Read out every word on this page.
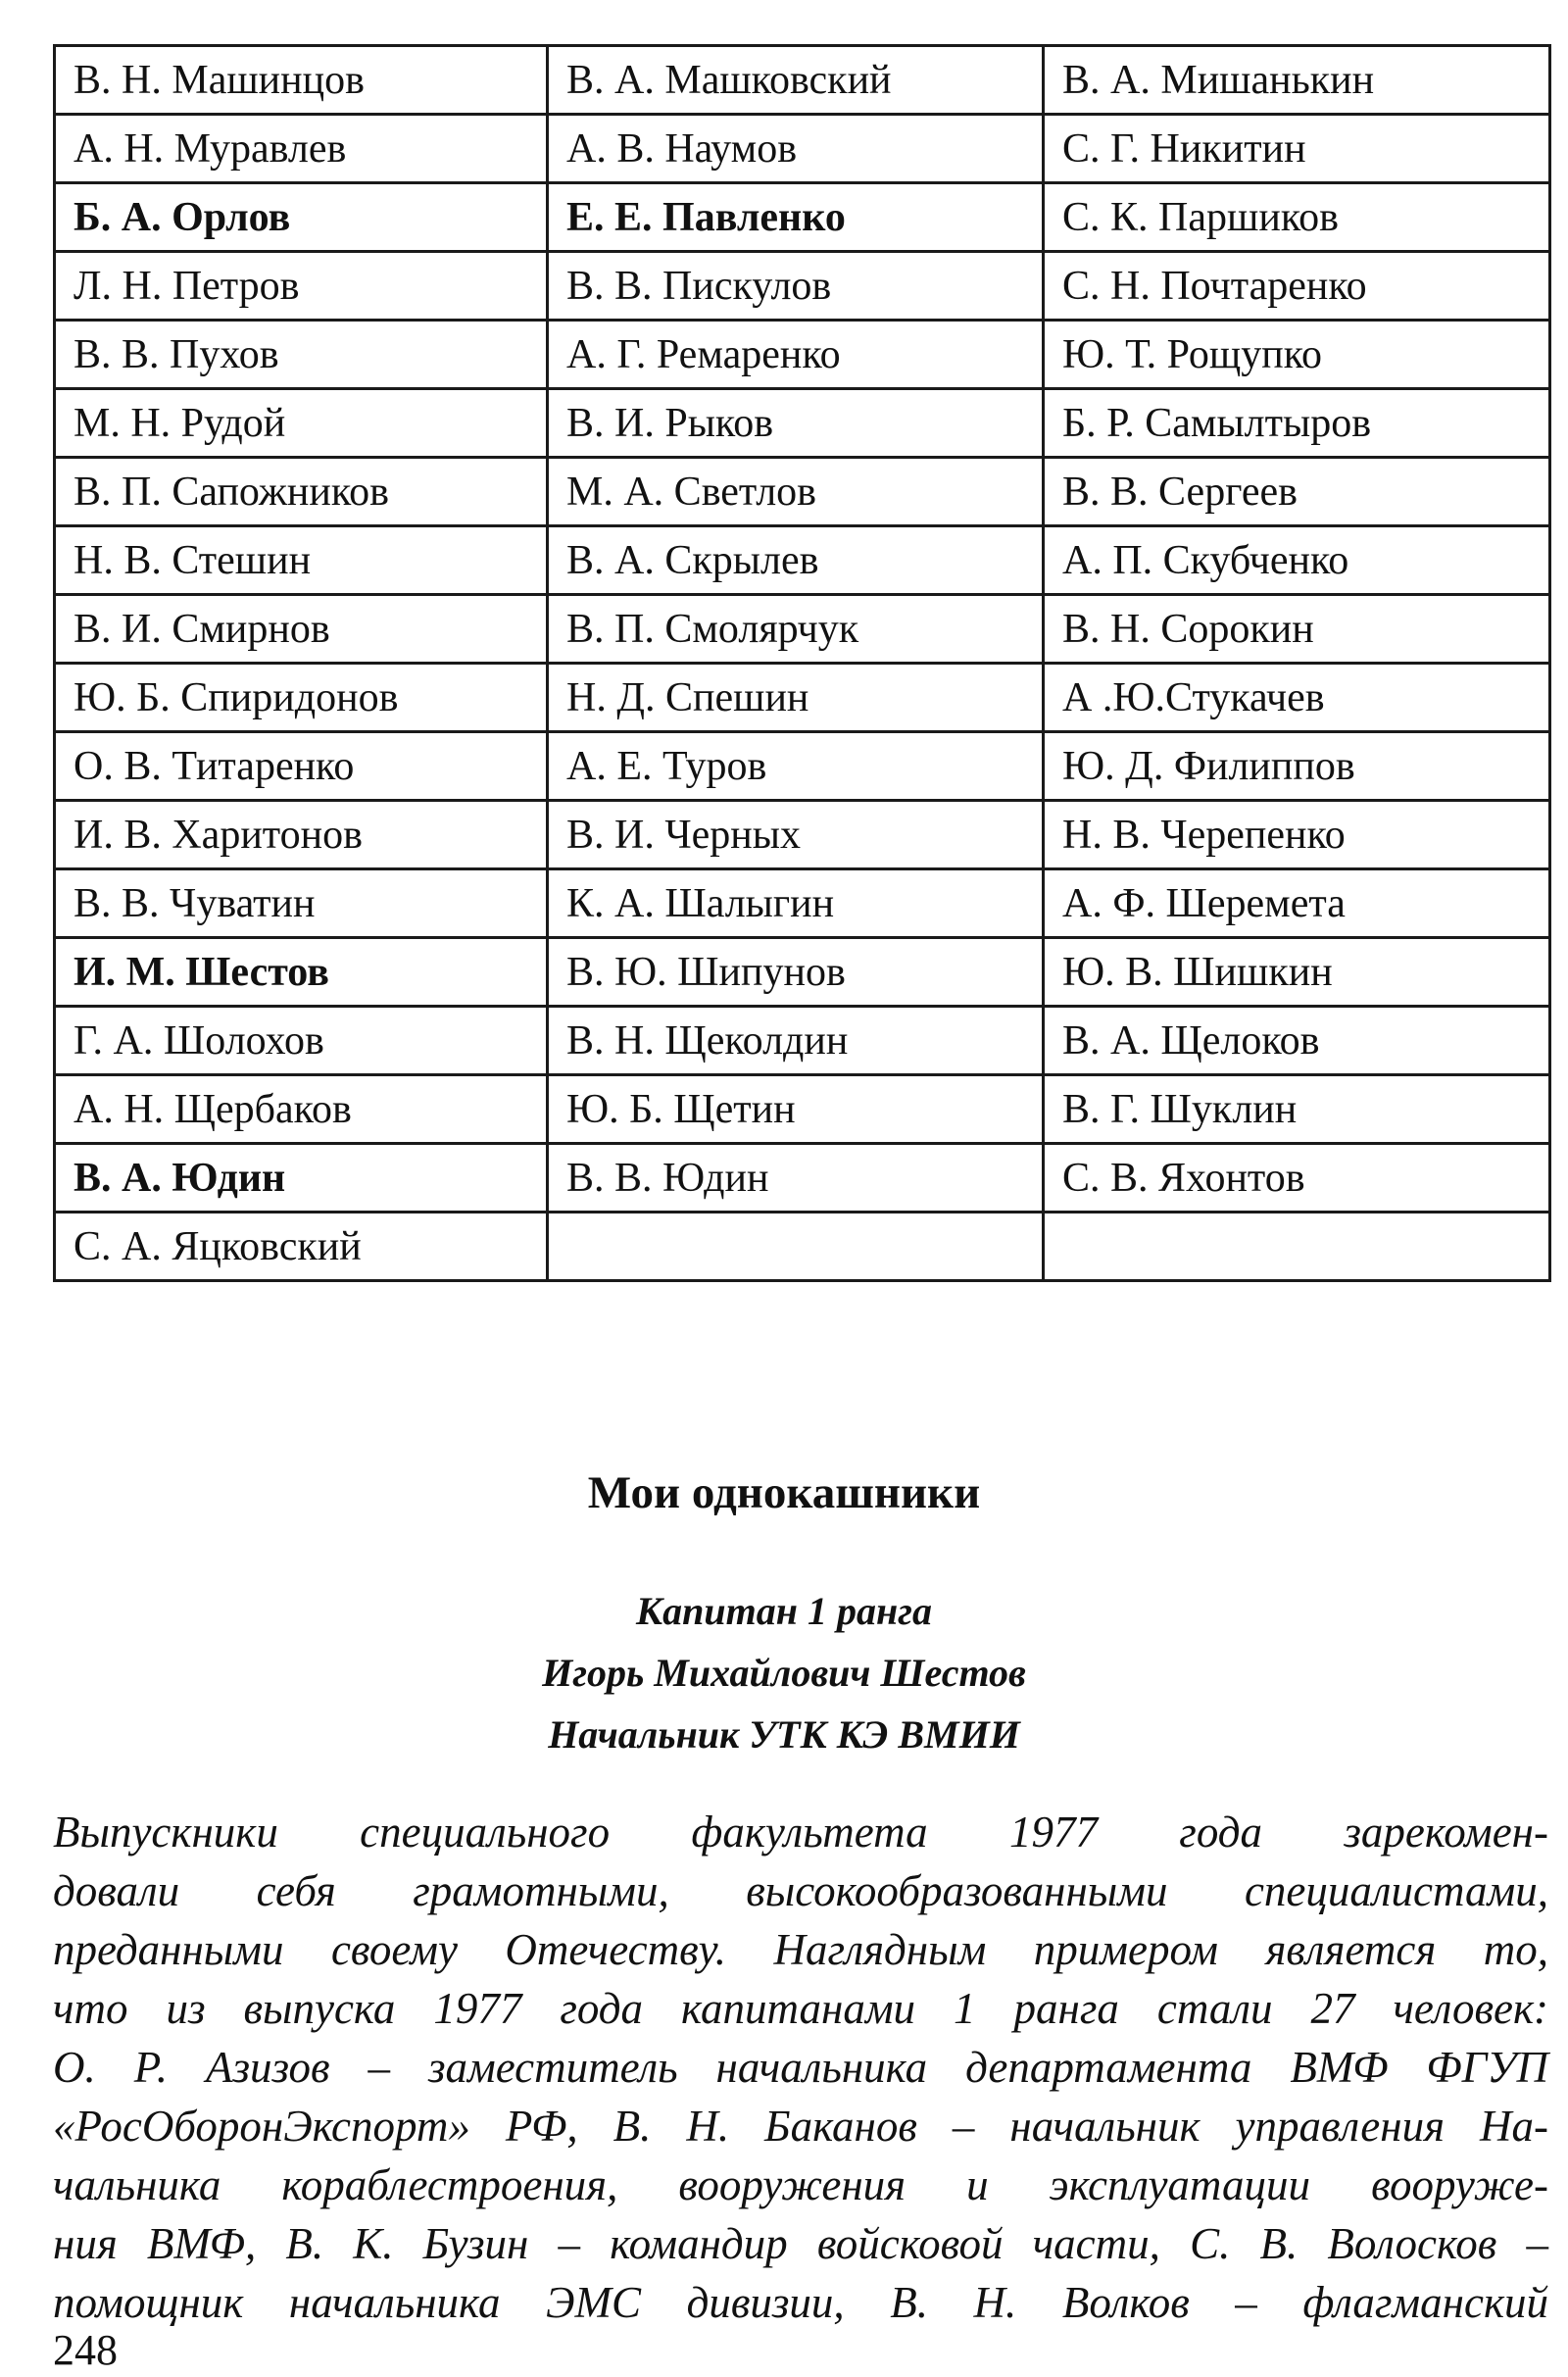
В. Н. Машинцов	В. А. Машковский	В. А. Мишанькин
А. Н. Муравлев	А. В. Наумов	С. Г. Никитин
Б. А. Орлов	Е. Е. Павленко	С. К. Паршиков
Л. Н. Петров	В. В. Пискулов	С. Н. Почтаренко
В. В. Пухов	А. Г. Ремаренко	Ю. Т. Рощупко
М. Н. Рудой	В. И. Рыков	Б. Р. Самылтыров
В. П. Сапожников	М. А. Светлов	В. В. Сергеев
Н. В. Стешин	В. А. Скрылев	А. П. Скубченко
В. И. Смирнов	В. П. Смолярчук	В. Н. Сорокин
Ю. Б. Спиридонов	Н. Д. Спешин	А .Ю.Стукачев
О. В. Титаренко	А. Е. Туров	Ю. Д. Филиппов
И. В. Харитонов	В. И. Черных	Н. В. Черепенко
В. В. Чуватин	К. А. Шалыгин	А. Ф. Шеремета
И. М. Шестов	В. Ю. Шипунов	Ю. В. Шишкин
Г. А. Шолохов	В. Н. Щеколдин	В. А. Щелоков
А. Н. Щербаков	Ю. Б. Щетин	В. Г. Шуклин
В. А. Юдин	В. В. Юдин	С. В. Яхонтов
С. А. Яцковский		
Мои однокашники

Капитан 1 ранга

Игорь Михайлович Шестов

Начальник УТК КЭ ВМИИ

Выпускники специального факультета 1977 года зарекомен-

довали себя грамотными, высокообразованными специалистами,

преданными своему Отечеству. Наглядным примером является то,

что из выпуска 1977 года капитанами 1 ранга стали 27 человек:

О. Р. Азизов – заместитель начальника департамента ВМФ ФГУП

«РосОборонЭкспорт» РФ, В. Н. Баканов – начальник управления На-

чальника кораблестроения, вооружения и эксплуатации вооруже-

ния ВМФ, В. К. Бузин – командир войсковой части, С. В. Волосков –

помощник начальника ЭМС дивизии, В. Н. Волков – флагманский

248
